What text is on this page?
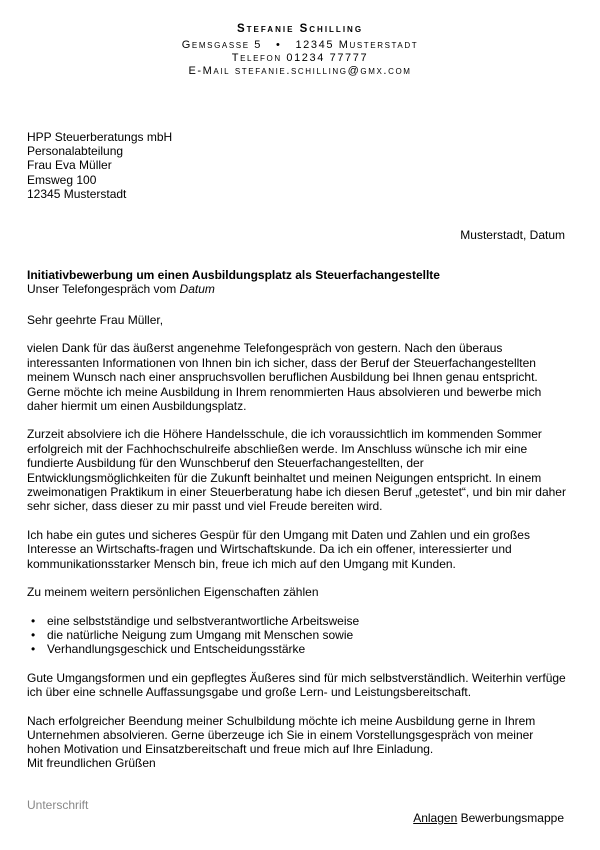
Stefanie Schilling
Gemsgasse 5 • 12345 Musterstadt
Telefon 01234 77777
E-Mail stefanie.schilling@gmx.com
HPP Steuerberatungs mbH
Personalabteilung
Frau Eva Müller
Emsweg 100
12345 Musterstadt
Musterstadt, Datum
Initiativbewerbung um einen Ausbildungsplatz als Steuerfachangestellte
Unser Telefongespräch vom Datum

Sehr geehrte Frau Müller,

vielen Dank für das äußerst angenehme Telefongespräch von gestern. Nach den überaus interessanten Informationen von Ihnen bin ich sicher, dass der Beruf der Steuerfachangestellten meinem Wunsch nach einer anspruchsvollen beruflichen Ausbildung bei Ihnen genau entspricht. Gerne möchte ich meine Ausbildung in Ihrem renommierten Haus absolvieren und bewerbe mich daher hiermit um einen Ausbildungsplatz.

Zurzeit absolviere ich die Höhere Handelsschule, die ich voraussichtlich im kommenden Sommer erfolgreich mit der Fachhochschulreife abschließen werde. Im Anschluss wünsche ich mir eine fundierte Ausbildung für den Wunschberuf den Steuerfachangestellten, der Entwicklungsmöglichkeiten für die Zukunft beinhaltet und meinen Neigungen entspricht. In einem zweimonatigen Praktikum in einer Steuerberatung habe ich diesen Beruf „getestet“, und bin mir daher sehr sicher, dass dieser zu mir passt und viel Freude bereiten wird.

Ich habe ein gutes und sicheres Gespür für den Umgang mit Daten und Zahlen und ein großes Interesse an Wirtschafts-fragen und Wirtschaftskunde. Da ich ein offener, interessierter und kommunikationsstarker Mensch bin, freue ich mich auf den Umgang mit Kunden.

Zu meinem weitern persönlichen Eigenschaften zählen

• eine selbstständige und selbstverantwortliche Arbeitsweise
• die natürliche Neigung zum Umgang mit Menschen sowie
• Verhandlungsgeschick und Entscheidungsstärke

Gute Umgangsformen und ein gepflegtes Äußeres sind für mich selbstverständlich. Weiterhin verfüge ich über eine schnelle Auffassungsgabe und große Lern- und Leistungsbereitschaft.

Nach erfolgreicher Beendung meiner Schulbildung möchte ich meine Ausbildung gerne in Ihrem Unternehmen absolvieren. Gerne überzeuge ich Sie in einem Vorstellungsgespräch von meiner hohen Motivation und Einsatzbereitschaft und freue mich auf Ihre Einladung.

Mit freundlichen Grüßen
Unterschrift
Anlagen Bewerbungsmappe
